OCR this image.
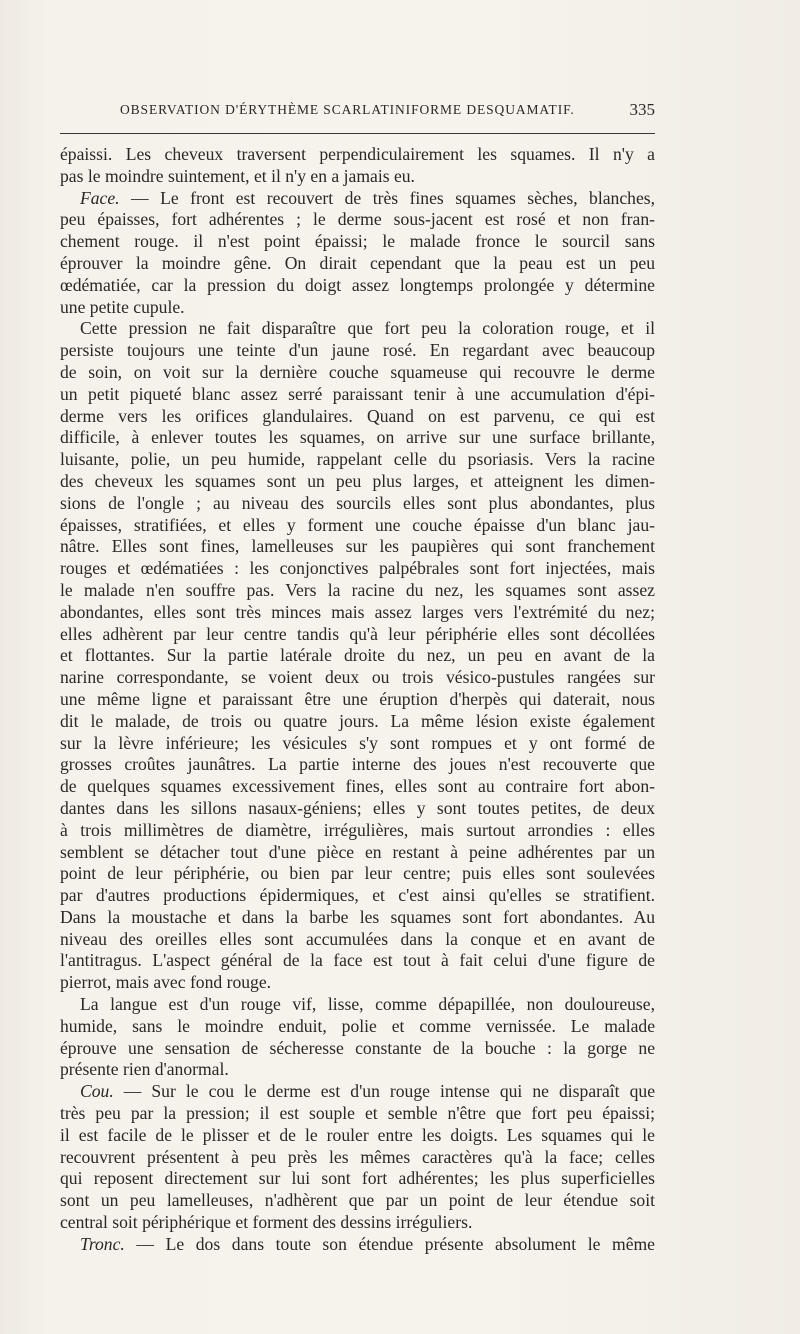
OBSERVATION D'ÉRYTHÈME SCARLATINIFORME DESQUAMATIF.	335
épaissi. Les cheveux traversent perpendiculairement les squames. Il n'y a
pas le moindre suintement, et il n'y en a jamais eu.
Face. — Le front est recouvert de très fines squames sèches, blanches,
peu épaisses, fort adhérentes ; le derme sous-jacent est rosé et non fran-
chement rouge. il n'est point épaissi; le malade fronce le sourcil sans
éprouver la moindre gêne. On dirait cependant que la peau est un peu
œdématiée, car la pression du doigt assez longtemps prolongée y détermine
une petite cupule.
Cette pression ne fait disparaître que fort peu la coloration rouge, et il
persiste toujours une teinte d'un jaune rosé. En regardant avec beaucoup
de soin, on voit sur la dernière couche squameuse qui recouvre le derme
un petit piqueté blanc assez serré paraissant tenir à une accumulation d'épi-
derme vers les orifices glandulaires. Quand on est parvenu, ce qui est
difficile, à enlever toutes les squames, on arrive sur une surface brillante,
luisante, polie, un peu humide, rappelant celle du psoriasis. Vers la racine
des cheveux les squames sont un peu plus larges, et atteignent les dimen-
sions de l'ongle ; au niveau des sourcils elles sont plus abondantes, plus
épaisses, stratifiées, et elles y forment une couche épaisse d'un blanc jau-
nâtre. Elles sont fines, lamelleuses sur les paupières qui sont franchement
rouges et œdématiées : les conjonctives palpébrales sont fort injectées, mais
le malade n'en souffre pas. Vers la racine du nez, les squames sont assez
abondantes, elles sont très minces mais assez larges vers l'extrémité du nez;
elles adhèrent par leur centre tandis qu'à leur périphérie elles sont décollées
et flottantes. Sur la partie latérale droite du nez, un peu en avant de la
narine correspondante, se voient deux ou trois vésico-pustules rangées sur
une même ligne et paraissant être une éruption d'herpès qui daterait, nous
dit le malade, de trois ou quatre jours. La même lésion existe également
sur la lèvre inférieure; les vésicules s'y sont rompues et y ont formé de
grosses croûtes jaunâtres. La partie interne des joues n'est recouverte que
de quelques squames excessivement fines, elles sont au contraire fort abon-
dantes dans les sillons nasaux-géniens; elles y sont toutes petites, de deux
à trois millimètres de diamètre, irrégulières, mais surtout arrondies : elles
semblent se détacher tout d'une pièce en restant à peine adhérentes par un
point de leur périphérie, ou bien par leur centre; puis elles sont soulevées
par d'autres productions épidermiques, et c'est ainsi qu'elles se stratifient.
Dans la moustache et dans la barbe les squames sont fort abondantes. Au
niveau des oreilles elles sont accumulées dans la conque et en avant de
l'antitragus. L'aspect général de la face est tout à fait celui d'une figure de
pierrot, mais avec fond rouge.
La langue est d'un rouge vif, lisse, comme dépapillée, non douloureuse,
humide, sans le moindre enduit, polie et comme vernissée. Le malade
éprouve une sensation de sécheresse constante de la bouche : la gorge ne
présente rien d'anormal.
Cou. — Sur le cou le derme est d'un rouge intense qui ne disparaît que
très peu par la pression; il est souple et semble n'être que fort peu épaissi;
il est facile de le plisser et de le rouler entre les doigts. Les squames qui le
recouvrent présentent à peu près les mêmes caractères qu'à la face; celles
qui reposent directement sur lui sont fort adhérentes; les plus superficielles
sont un peu lamelleuses, n'adhèrent que par un point de leur étendue soit
central soit périphérique et forment des dessins irréguliers.
Tronc. — Le dos dans toute son étendue présente absolument le même
